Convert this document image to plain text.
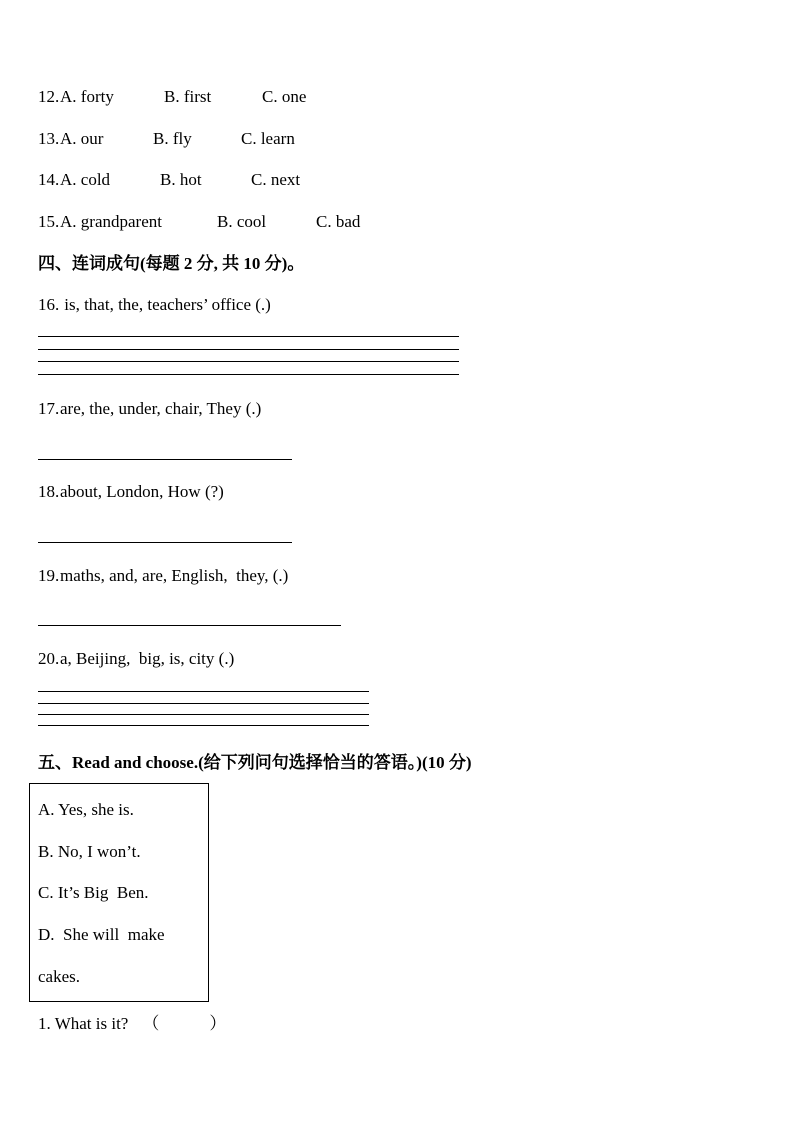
12. A. forty	B. first	C. one
13. A. our	B. fly	C. learn
14. A. cold	B. hot	C. next
15. A. grandparent	B. cool	C. bad
四、连词成句(每题 2 分, 共 10 分)。
16. is, that, the, teachers’ office (.)
17. are, the, under, chair, They (.)
18. about, London, How (?)
19. maths, and, are, English,  they, (.)
20. a, Beijing,  big, is, city (.)
五、Read and choose.(给下列问句选择恰当的答语。)(10 分)
A. Yes, she is.
B. No, I won’t.
C. It’s Big  Ben.
D.  She will  make
cakes.
1. What is it? （	）
